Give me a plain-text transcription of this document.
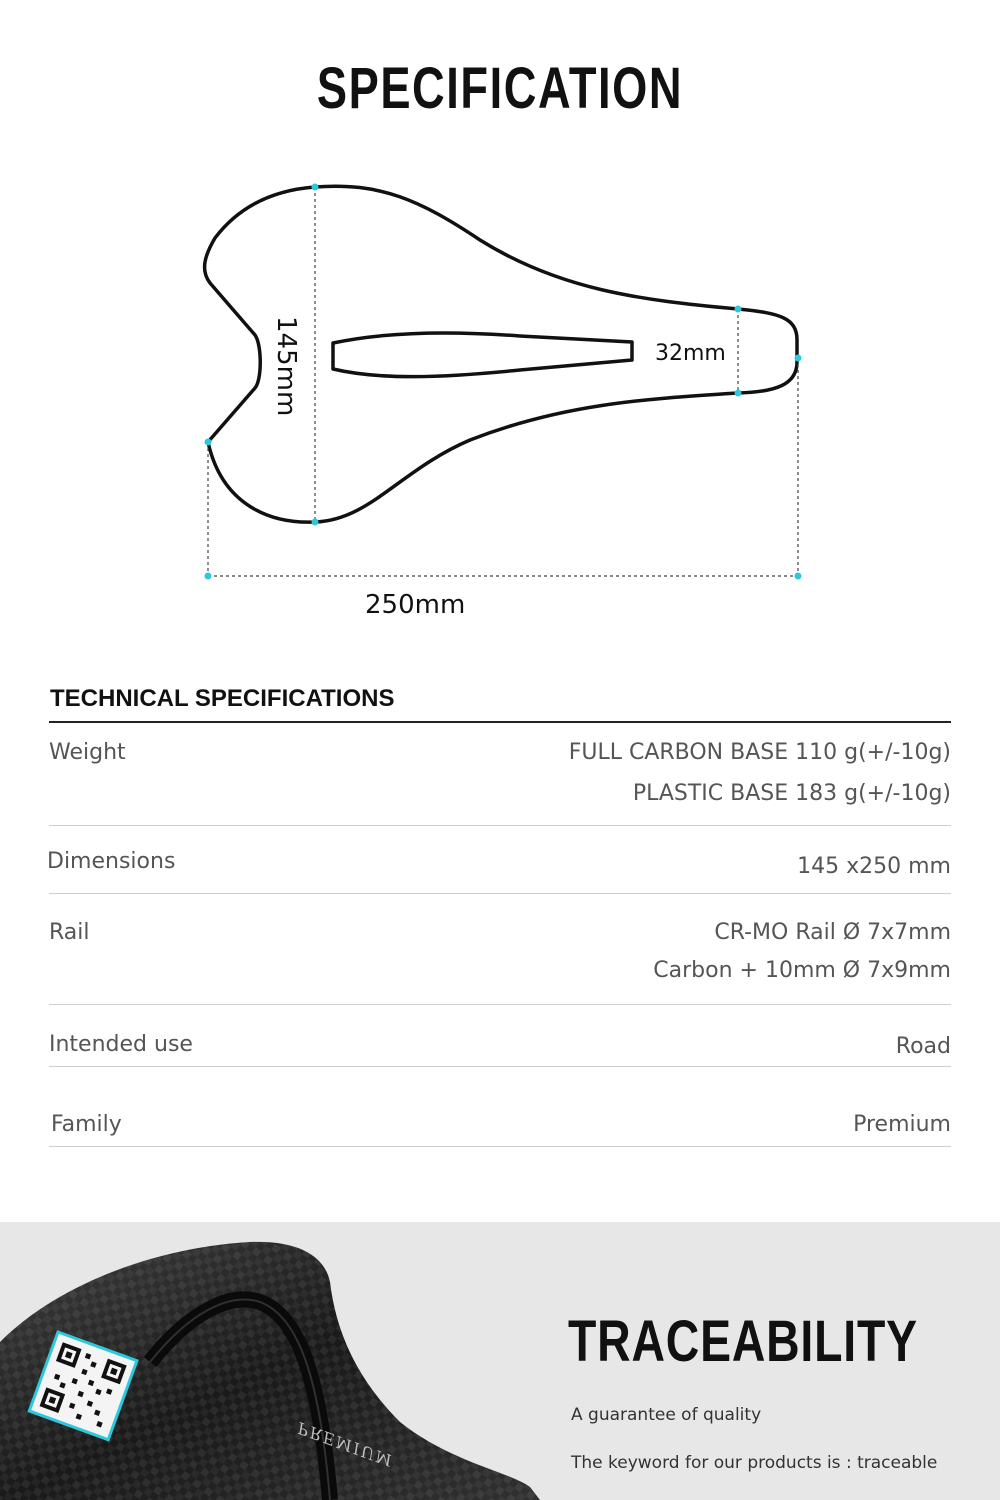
SPECIFICATION
145mm	32mm
250mm
TECHNICAL SPECIFICATIONS
Weight	FULL CARBON BASE 110 g(+/-10g)
PLASTIC BASE 183 g(+/-10g)
Dimensions	145 x250 mm
Rail	CR-MO Rail Ø 7x7mm
Carbon + 10mm Ø 7x9mm
Intended use	Road
Family	Premium
PREMIUM
TRACEABILITY
A guarantee of quality
The keyword for our products is : traceable
